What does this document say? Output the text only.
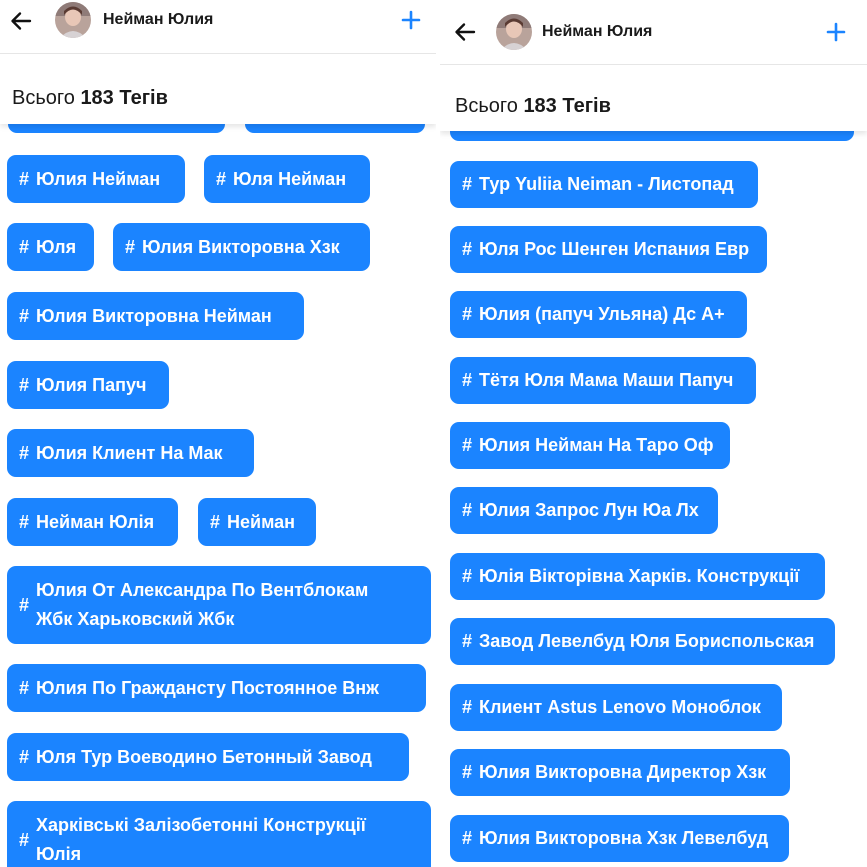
Нейман Юлия
Всього 183 Тегів
# Юлия Нейман	# Юля Нейман
# Юля	# Юлия Викторовна Хзк
# Юлия Викторовна Нейман
# Юлия Папуч
# Юлия Клиент На Мак
# Нейман Юлія	# Нейман
#
Юлия От Александра По Вентблокам
Жбк Харьковский Жбк
# Юлия По Граждансту Постоянное Внж
# Юля Тур Воеводино Бетонный Завод
#
Харківські Залізобетонні Конструкції
Юлія
Нейман Юлия
Всього 183 Тегів
# Тур Yuliia Neiman - Листопад
# Юля Рос Шенген Испания Евр
# Юлия (папуч Ульяна) Дс А+
# Тётя Юля Мама Маши Папуч
# Юлия Нейман На Таро Оф
# Юлия Запрос Лун Юа Лх
# Юлія Вікторівна Харків. Конструкції
# Завод Левелбуд Юля Бориспольская
# Клиент Astus Lenovo Моноблок
# Юлия Викторовна Директор Хзк
# Юлия Викторовна Хзк Левелбуд
